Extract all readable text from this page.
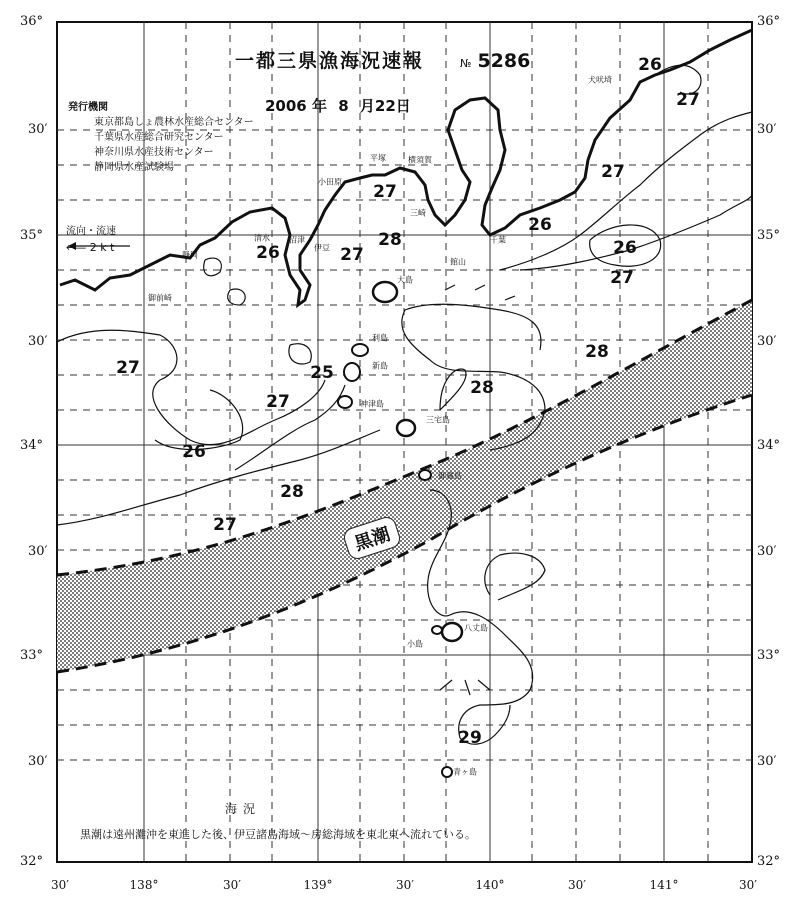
36°
30′
35°
30′
34°
30′
33°
30′
32°
36°
30′
35°
30′
34°
30′
33°
30′
32°
30′	138°	30′	139°	30′	140°	30′	141°	30′
一都三県漁海況速報	№ 5286
2006 年 8 月22日
発行機関
東京都島しょ農林水産総合センター
千葉県水産総合研究センター
神奈川県水産技術センター
静岡県水産試験場
流向・流速
←— 2 k t
26
27
27
28
26
27
26
27
28
26	27
28
27
28
26
27
25
29
27
犬吠埼
平塚	横須賀
小田原
伊豆
沼津
三崎
館山
千葉
御前崎
大島
利島
新島
神津島
三宅島
御蔵島
八丈島
小島
青ヶ島
静岡
清水
黒潮
海況
黒潮は遠州灘沖を東進した後、伊豆諸島海域〜房総海域を東北東へ流れている。
